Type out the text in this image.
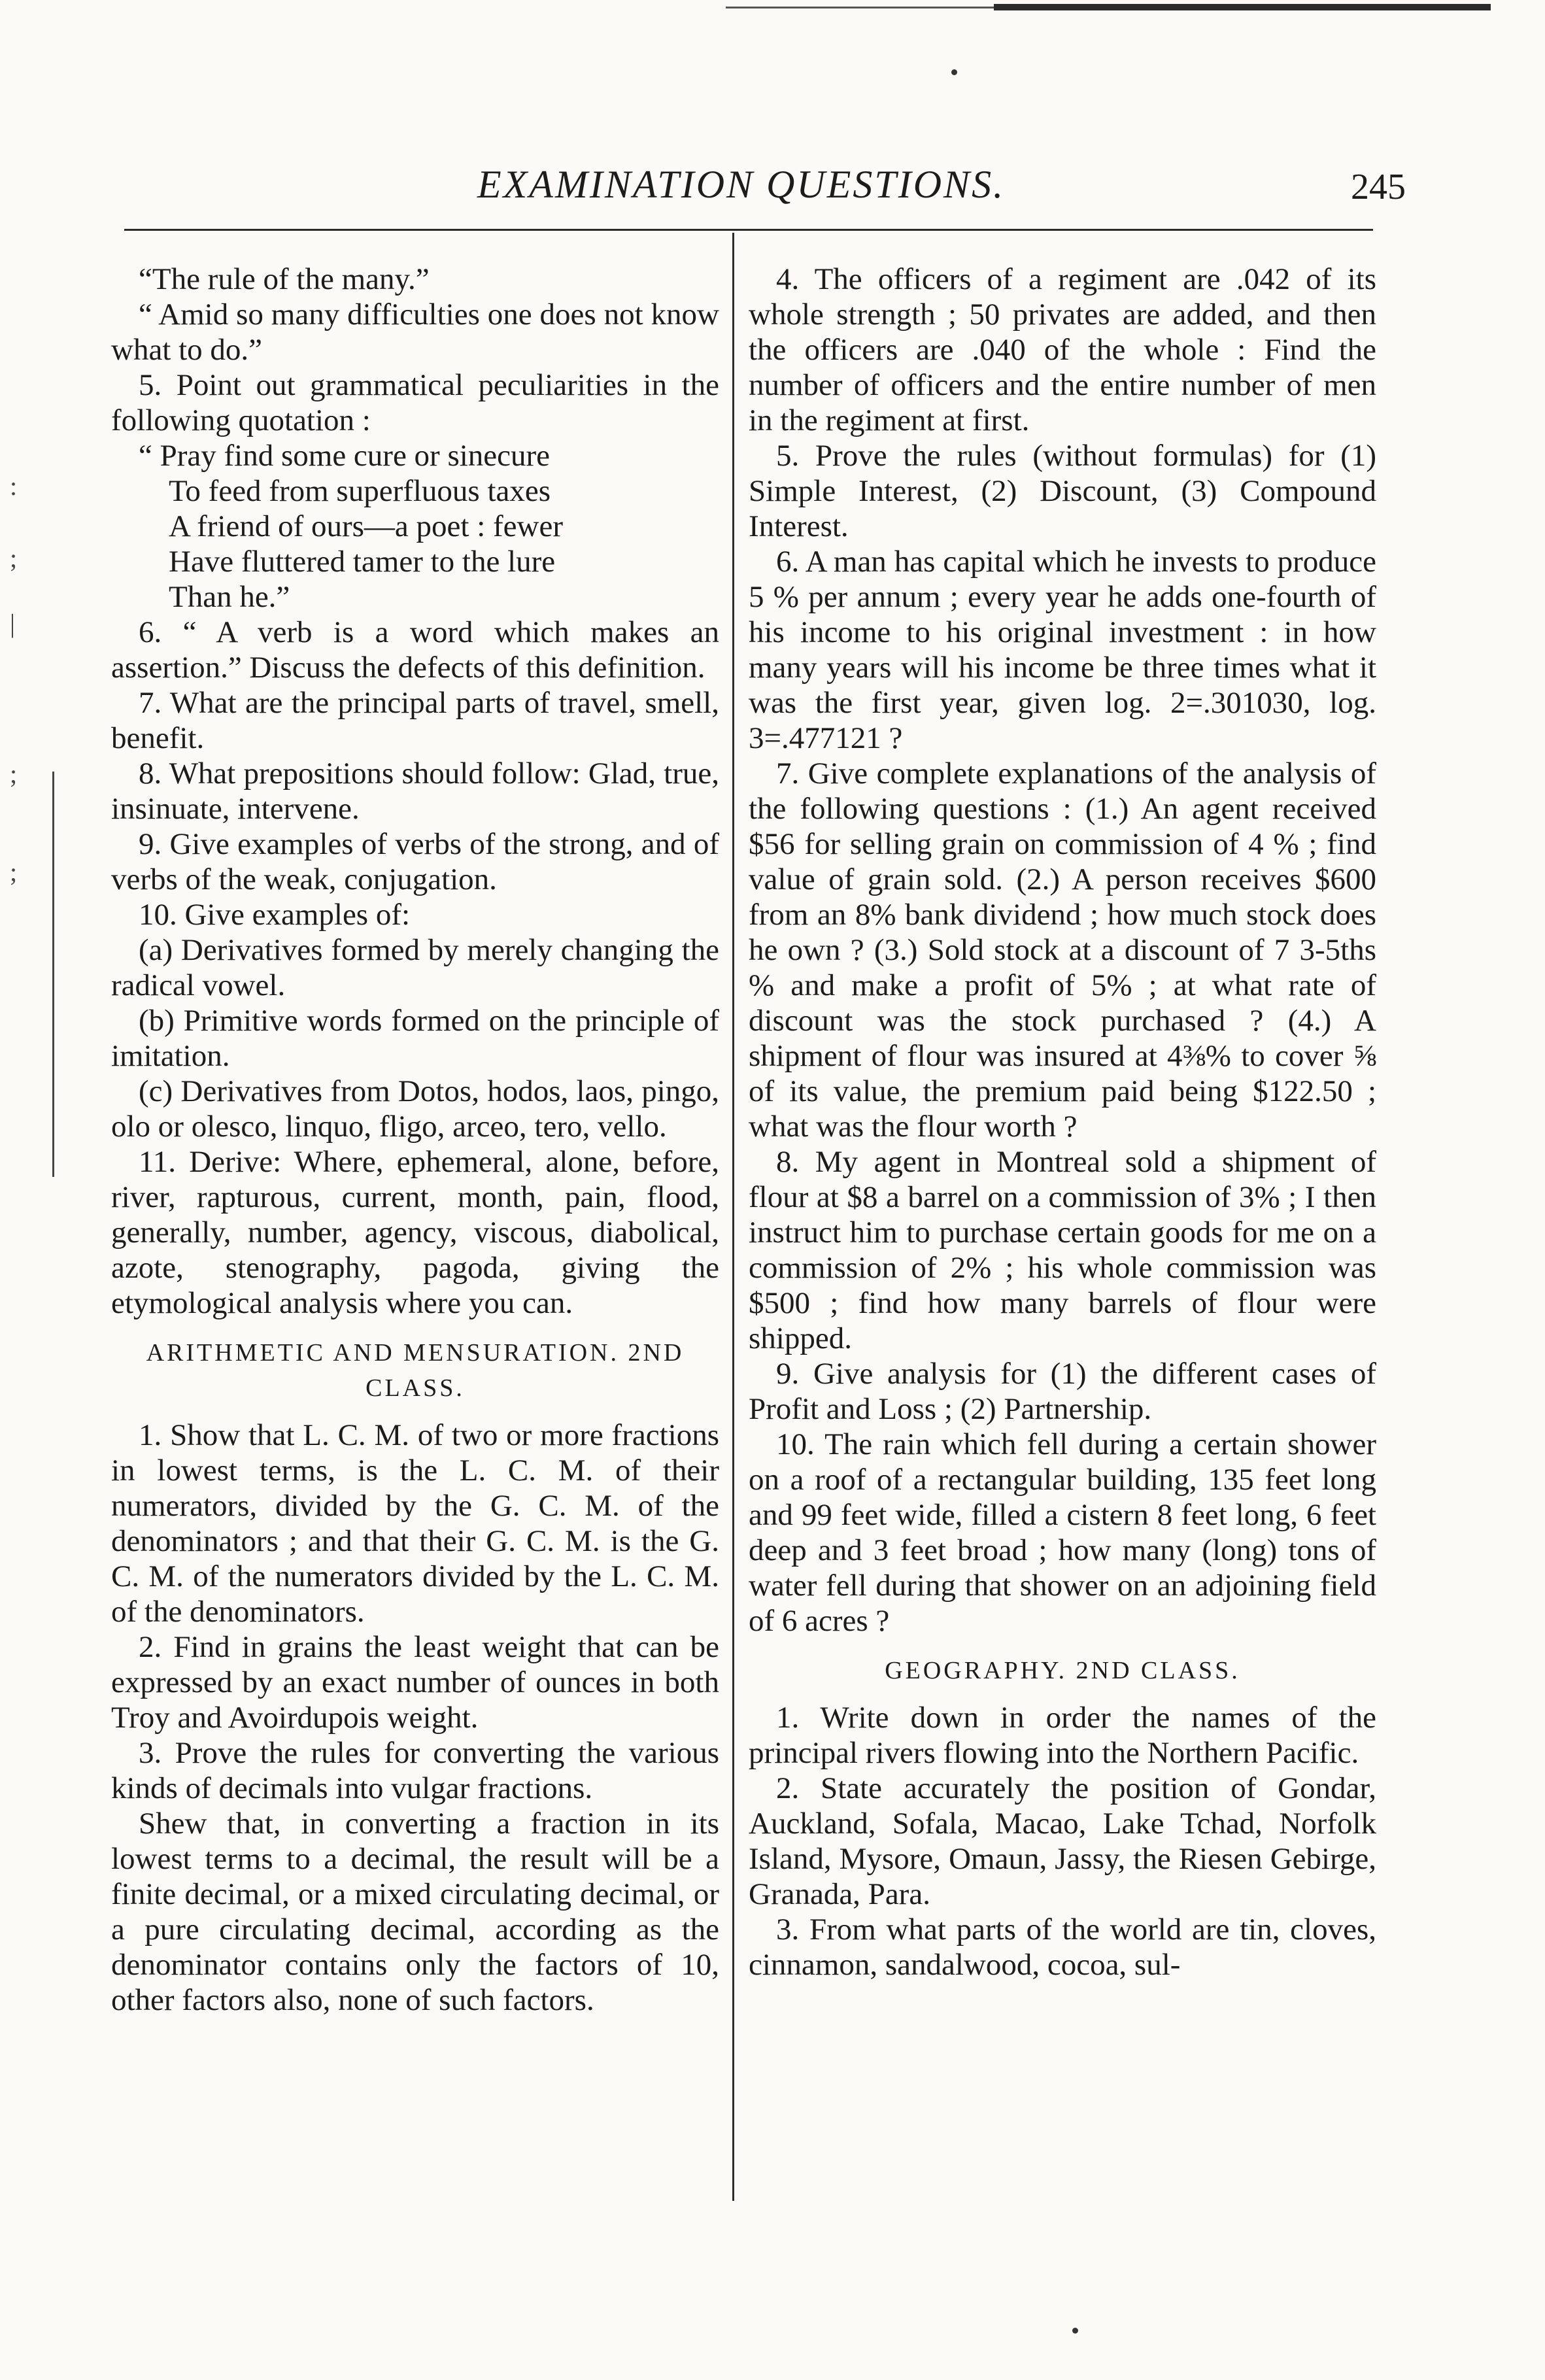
EXAMINATION QUESTIONS.	245
:
;
|
;
;

“The rule of the many.”

“ Amid so many difficulties one does not know what to do.”

5. Point out grammatical peculiarities in the following quotation :

“ Pray find some cure or sinecure

To feed from superfluous taxes

A friend of ours—a poet : fewer

Have fluttered tamer to the lure

Than he.”

6. “ A verb is a word which makes an assertion.” Discuss the defects of this definition.

7. What are the principal parts of travel, smell, benefit.

8. What prepositions should follow: Glad, true, insinuate, intervene.

9. Give examples of verbs of the strong, and of verbs of the weak, conjugation.

10. Give examples of:

(a) Derivatives formed by merely changing the radical vowel.

(b) Primitive words formed on the principle of imitation.

(c) Derivatives from Dotos, hodos, laos, pingo, olo or olesco, linquo, fligo, arceo, tero, vello.

11. Derive: Where, ephemeral, alone, before, river, rapturous, current, month, pain, flood, generally, number, agency, viscous, diabolical, azote, stenography, pagoda, giving the etymological analysis where you can.

ARITHMETIC AND MENSURATION. 2ND CLASS.

1. Show that L. C. M. of two or more fractions in lowest terms, is the L. C. M. of their numerators, divided by the G. C. M. of the denominators ; and that their G. C. M. is the G. C. M. of the numerators divided by the L. C. M. of the denominators.

2. Find in grains the least weight that can be expressed by an exact number of ounces in both Troy and Avoirdupois weight.

3. Prove the rules for converting the various kinds of decimals into vulgar fractions.

Shew that, in converting a fraction in its lowest terms to a decimal, the result will be a finite decimal, or a mixed circulating decimal, or a pure circulating decimal, according as the denominator contains only the factors of 10, other factors also, none of such factors.

4. The officers of a regiment are .042 of its whole strength ; 50 privates are added, and then the officers are .040 of the whole : Find the number of officers and the entire number of men in the regiment at first.

5. Prove the rules (without formulas) for (1) Simple Interest, (2) Discount, (3) Compound Interest.

6. A man has capital which he invests to produce 5 % per annum ; every year he adds one-fourth of his income to his original investment : in how many years will his income be three times what it was the first year, given log. 2=.301030, log. 3=.477121 ?

7. Give complete explanations of the analysis of the following questions : (1.) An agent received $56 for selling grain on commission of 4 % ; find value of grain sold. (2.) A person receives $600 from an 8% bank dividend ; how much stock does he own ? (3.) Sold stock at a discount of 7 3-5ths % and make a profit of 5% ; at what rate of discount was the stock purchased ? (4.) A shipment of flour was insured at 4⅜% to cover ⅝ of its value, the premium paid being $122.50 ; what was the flour worth ?

8. My agent in Montreal sold a shipment of flour at $8 a barrel on a commission of 3% ; I then instruct him to purchase certain goods for me on a commission of 2% ; his whole commission was $500 ; find how many barrels of flour were shipped.

9. Give analysis for (1) the different cases of Profit and Loss ; (2) Partnership.

10. The rain which fell during a certain shower on a roof of a rectangular building, 135 feet long and 99 feet wide, filled a cistern 8 feet long, 6 feet deep and 3 feet broad ; how many (long) tons of water fell during that shower on an adjoining field of 6 acres ?

GEOGRAPHY. 2ND CLASS.

1. Write down in order the names of the principal rivers flowing into the Northern Pacific.

2. State accurately the position of Gondar, Auckland, Sofala, Macao, Lake Tchad, Norfolk Island, Mysore, Omaun, Jassy, the Riesen Gebirge, Granada, Para.

3. From what parts of the world are tin, cloves, cinnamon, sandalwood, cocoa, sul-
